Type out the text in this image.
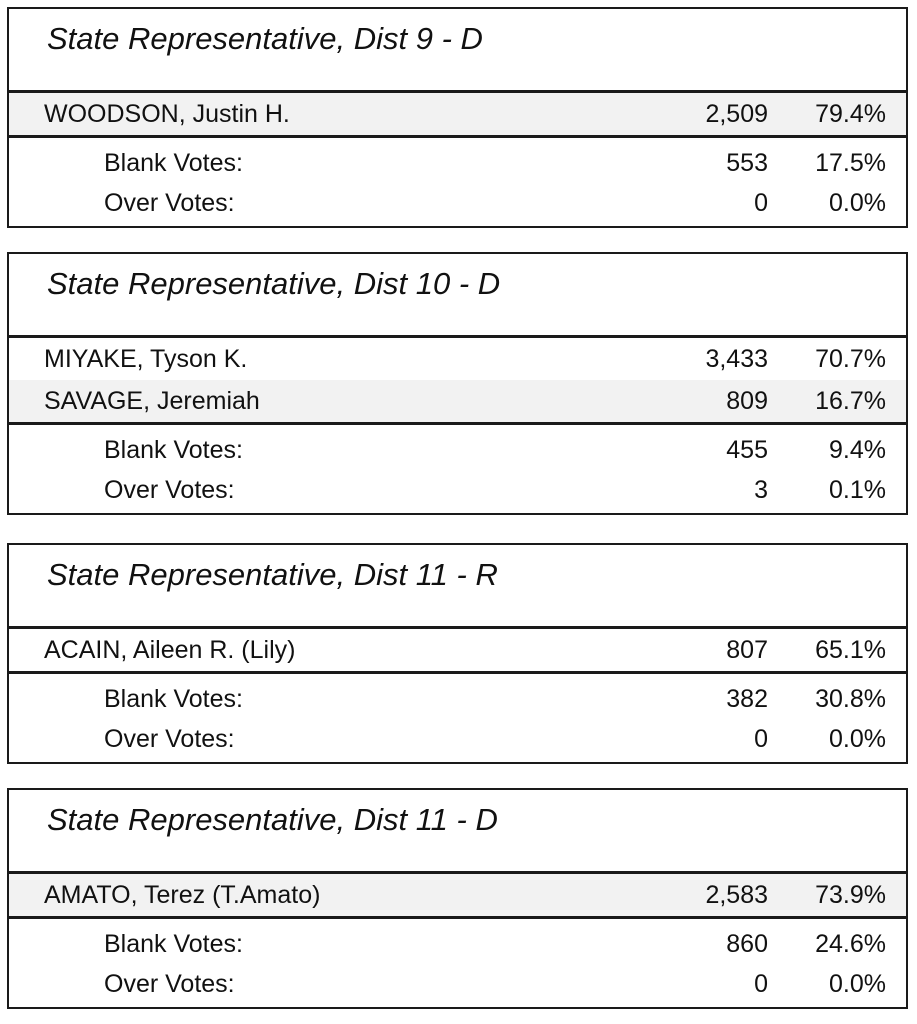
State Representative, Dist 9 - D
WOODSON, Justin H.	2,509 79.4%
Blank Votes:	553 17.5%
Over Votes:	0 0.0%
State Representative, Dist 10 - D
MIYAKE, Tyson K.	3,433 70.7%
SAVAGE, Jeremiah	809 16.7%
Blank Votes:	455 9.4%
Over Votes:	3 0.1%
State Representative, Dist 11 - R
ACAIN, Aileen R. (Lily)	807 65.1%
Blank Votes:	382 30.8%
Over Votes:	0 0.0%
State Representative, Dist 11 - D
AMATO, Terez (T.Amato)	2,583 73.9%
Blank Votes:	860 24.6%
Over Votes:	0 0.0%
